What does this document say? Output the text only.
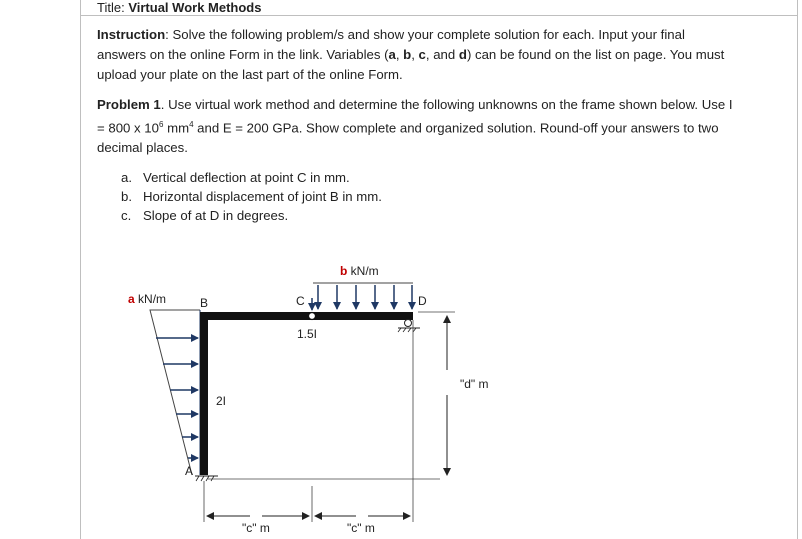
Title: Virtual Work Methods

Instruction: Solve the following problem/s and show your complete solution for each. Input your final answers on the online Form in the link. Variables (a, b, c, and d) can be found on the list on page. You must upload your plate on the last part of the online Form.

Problem 1. Use virtual work method and determine the following unknowns on the frame shown below. Use I = 800 x $10^6$ $mm^4$ and E = 200 GPa. Show complete and organized solution. Round-off your answers to two decimal places.

a. Vertical deflection at point C in mm.
b. Horizontal displacement of joint B in mm.
c. Slope of at D in degrees.
a kN/m
b kN/m
B	C	D
A
2I
1.5I
"c" m	"c" m
"d" m
